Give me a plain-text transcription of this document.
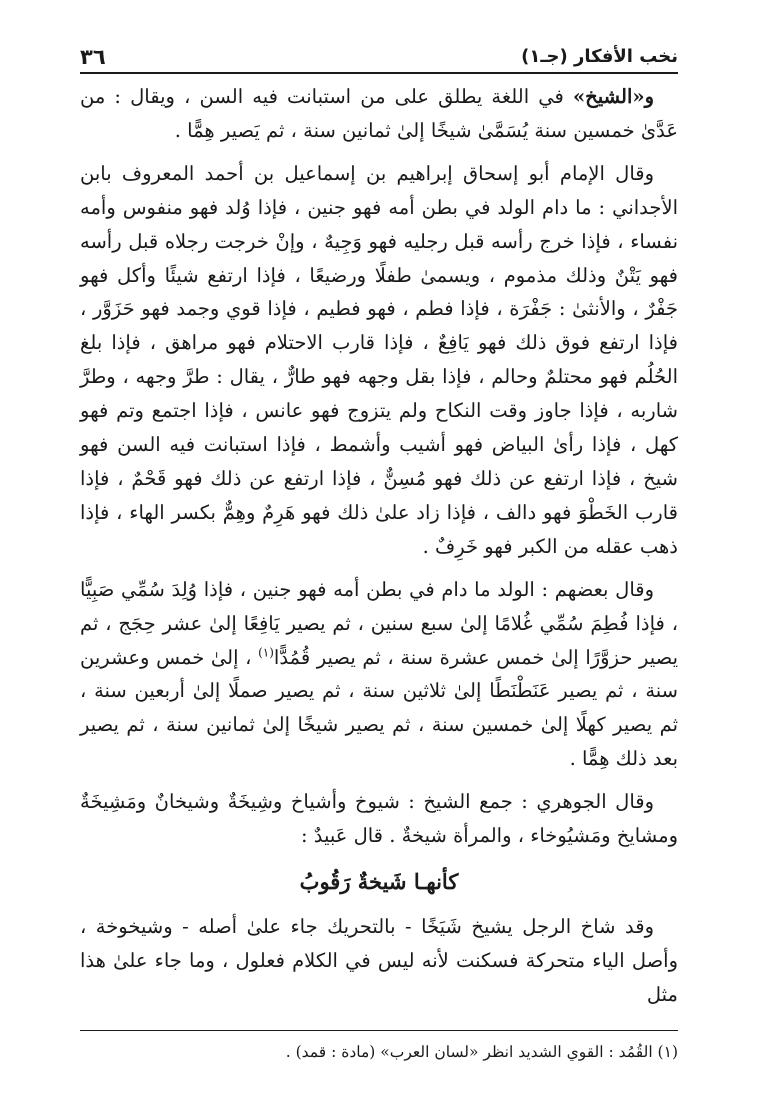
نخب الأفكار (جـ١)
٣٦

و«الشيخ» في اللغة يطلق على من استبانت فيه السن ، ويقال : من عَدَّىٰ خمسين سنة يُسَمَّىٰ شيخًا إلىٰ ثمانين سنة ، ثم يَصير هِمًّا .

وقال الإمام أبو إسحاق إبراهيم بن إسماعيل بن أحمد المعروف بابن الأجداني : ما دام الولد في بطن أمه فهو جنين ، فإذا وُلد فهو منفوس وأمه نفساء ، فإذا خرج رأسه قبل رجليه فهو وَجِيهٌ ، وإنْ خرجت رجلاه قبل رأسه فهو يَتْنٌ وذلك مذموم ، ويسمىٰ طفلًا ورضيعًا ، فإذا ارتفع شيئًا وأكل فهو جَفْرٌ ، والأنثىٰ : جَفْرَة ، فإذا فطم ، فهو فطيم ، فإذا قوي وجمد فهو حَزَوَّر ، فإذا ارتفع فوق ذلك فهو يَافِعٌ ، فإذا قارب الاحتلام فهو مراهق ، فإذا بلغ الحُلُم فهو محتلمٌ وحالم ، فإذا بقل وجهه فهو طارٌّ ، يقال : طرَّ وجهه ، وطرَّ شاربه ، فإذا جاوز وقت النكاح ولم يتزوج فهو عانس ، فإذا اجتمع وتم فهو كهل ، فإذا رأىٰ البياض فهو أشيب وأشمط ، فإذا استبانت فيه السن فهو شيخ ، فإذا ارتفع عن ذلك فهو مُسِنٌّ ، فإذا ارتفع عن ذلك فهو قَحْمٌ ، فإذا قارب الخَطْوَ فهو دالف ، فإذا زاد علىٰ ذلك فهو هَرِمٌ وهِمٌّ بكسر الهاء ، فإذا ذهب عقله من الكبر فهو خَرِفٌ .

وقال بعضهم : الولد ما دام في بطن أمه فهو جنين ، فإذا وُلِدَ سُمِّي صَبِيًّا ، فإذا فُطِمَ سُمِّي غُلامًا إلىٰ سبع سنين ، ثم يصير يَافِعًا إلىٰ عشر حِجَج ، ثم يصير حزوَّرًا إلىٰ خمس عشرة سنة ، ثم يصير قُمُدًّا$^{(١)}$ ، إلىٰ خمس وعشرين سنة ، ثم يصير عَنَطْنَطًا إلىٰ ثلاثين سنة ، ثم يصير صملًا إلىٰ أربعين سنة ، ثم يصير كهلًا إلىٰ خمسين سنة ، ثم يصير شيخًا إلىٰ ثمانين سنة ، ثم يصير بعد ذلك هِمًّا .

وقال الجوهري : جمع الشيخ : شيوخ وأشياخ وشِيخَةٌ وشيخانٌ ومَشِيخَةٌ ومشايخ ومَشيُوخاء ، والمرأة شيخةٌ . قال عَبيدٌ :

كأنهـا شَيخةٌ رَقُوبُ

وقد شاخ الرجل يشيخ شَيَخًا - بالتحريك جاء علىٰ أصله - وشيخوخة ، وأصل الياء متحركة فسكنت لأنه ليس في الكلام فعلول ، وما جاء علىٰ هذا مثل

(١) القُمُد : القوي الشديد انظر «لسان العرب» (مادة : قمد) .
